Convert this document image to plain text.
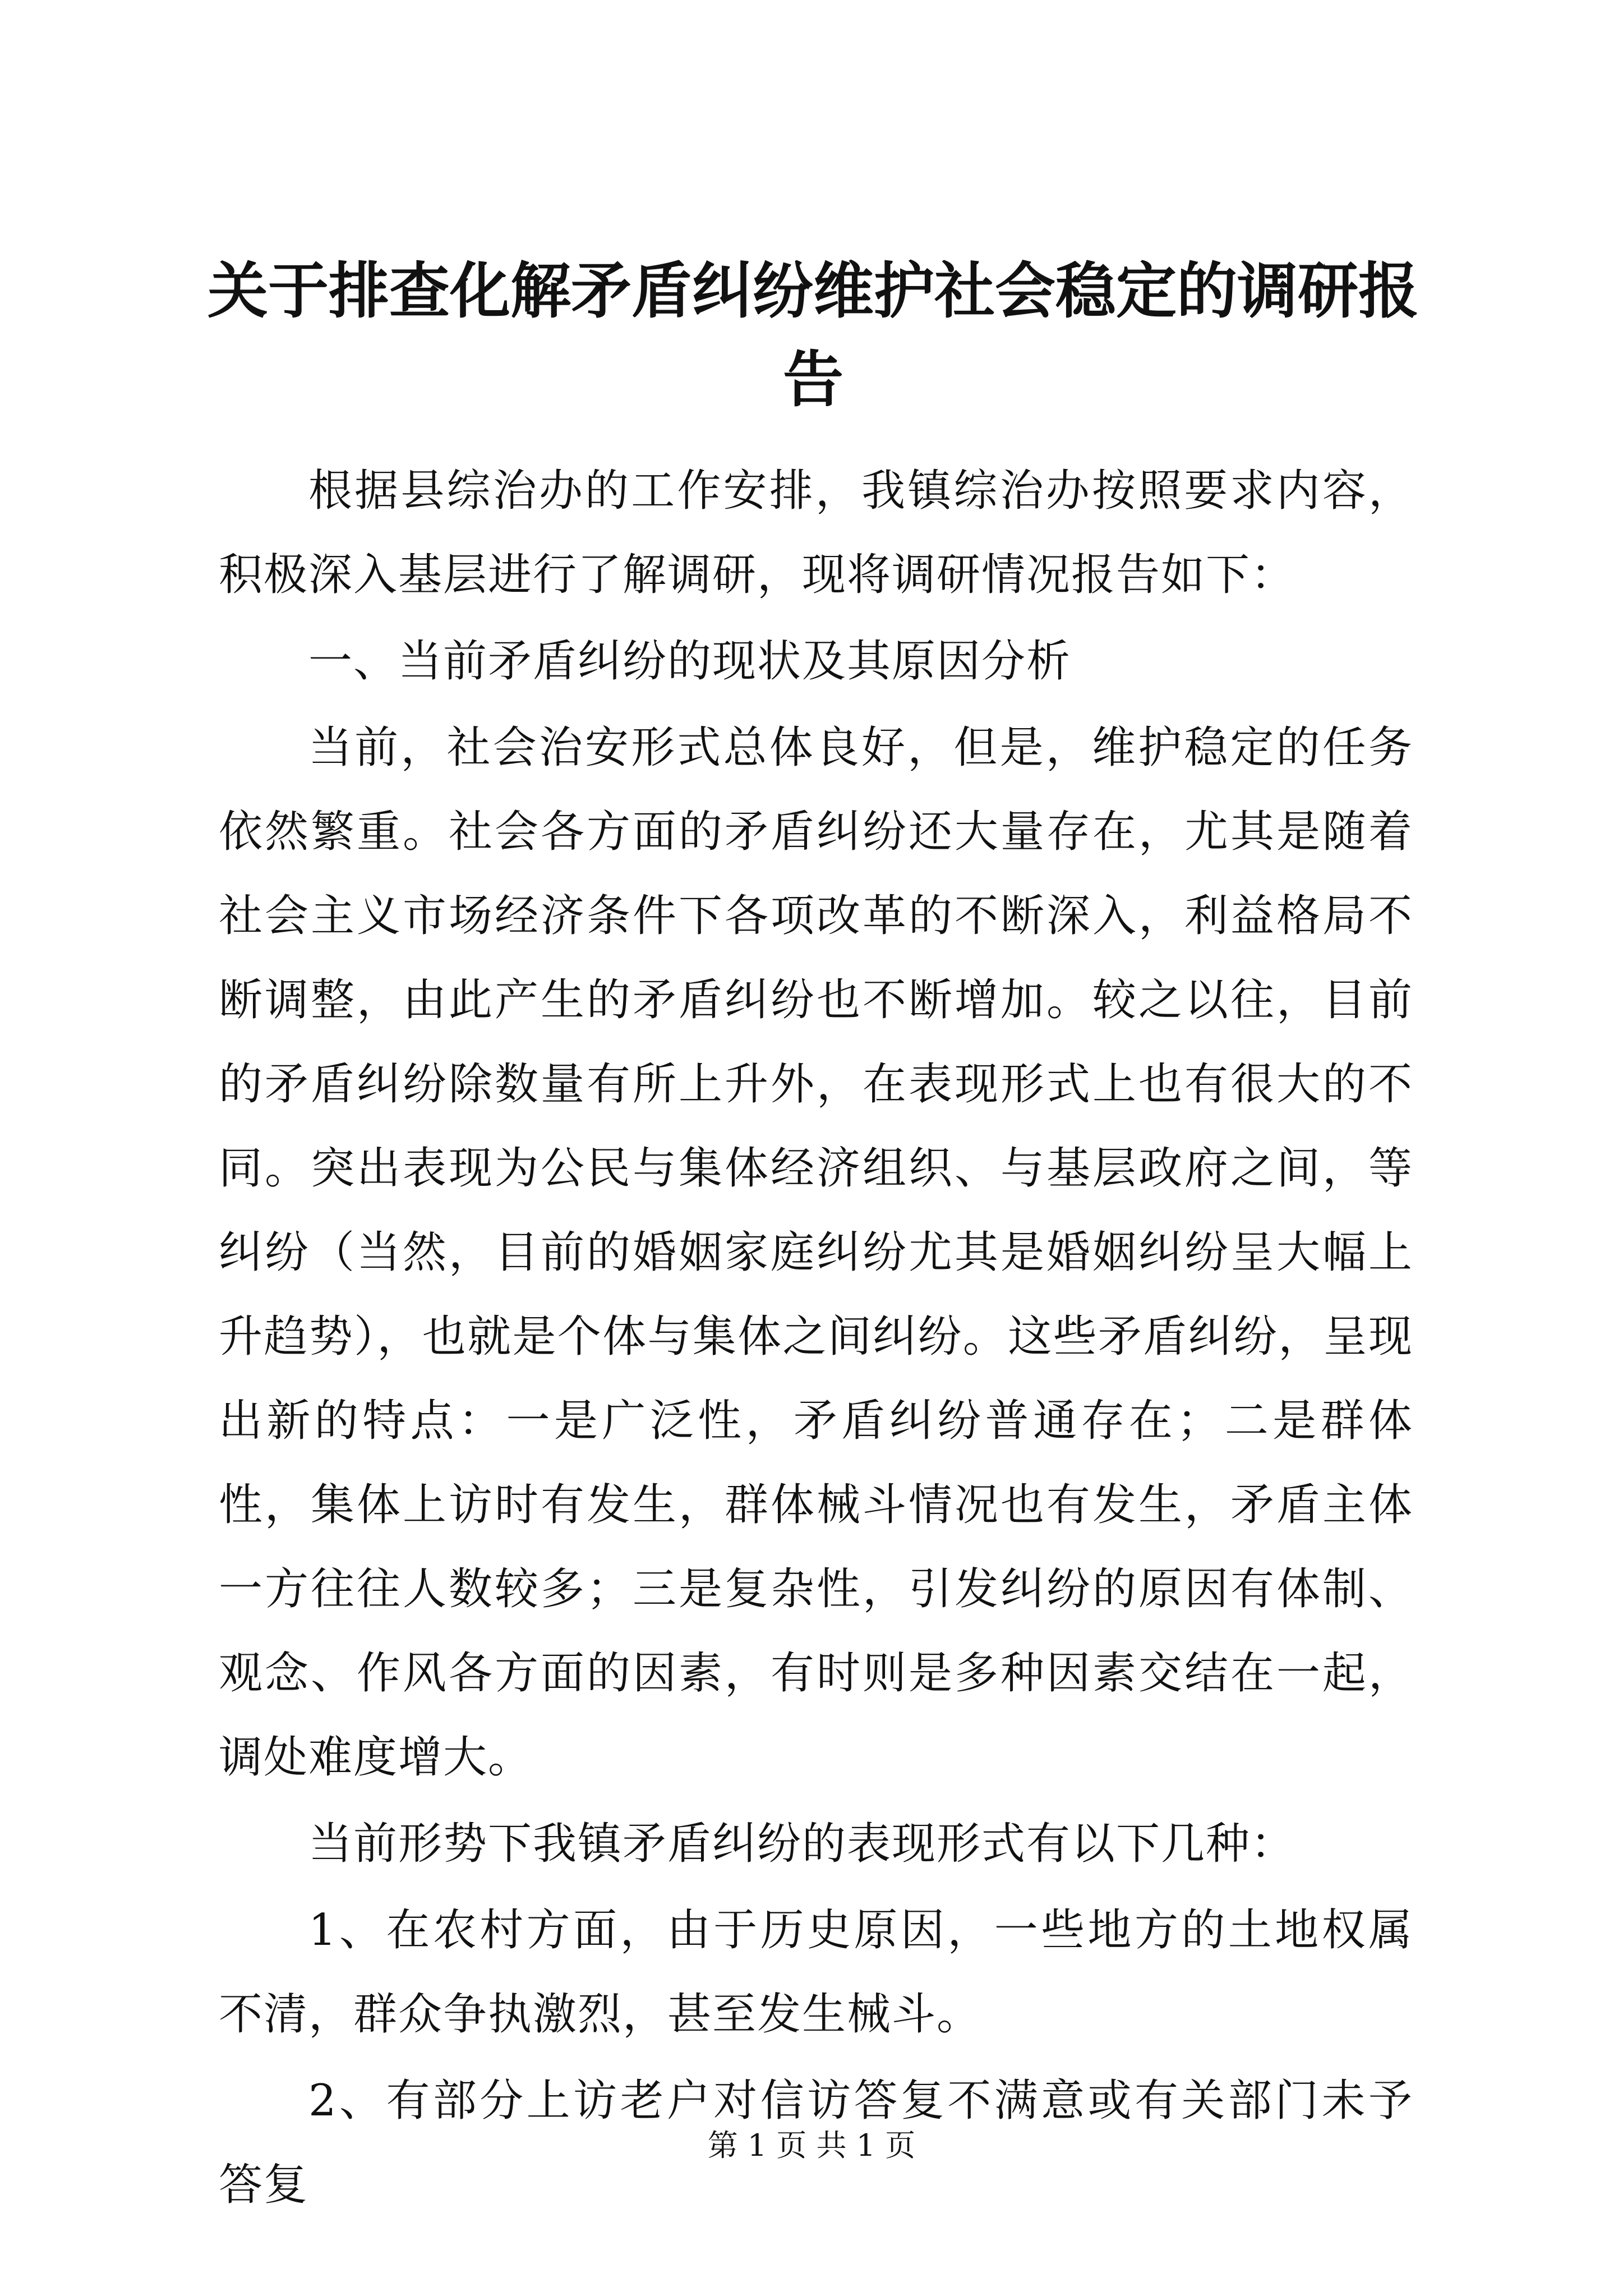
关于排查化解矛盾纠纷维护社会稳定的调研报告

根据县综治办的工作安排，我镇综治办按照要求内容，积极深入基层进行了解调研，现将调研情况报告如下：

一、当前矛盾纠纷的现状及其原因分析

当前，社会治安形式总体良好，但是，维护稳定的任务依然繁重。社会各方面的矛盾纠纷还大量存在，尤其是随着社会主义市场经济条件下各项改革的不断深入，利益格局不断调整，由此产生的矛盾纠纷也不断增加。较之以往，目前的矛盾纠纷除数量有所上升外，在表现形式上也有很大的不同。突出表现为公民与集体经济组织、与基层政府之间，等纠纷（当然，目前的婚姻家庭纠纷尤其是婚姻纠纷呈大幅上升趋势），也就是个体与集体之间纠纷。这些矛盾纠纷，呈现出新的特点：一是广泛性，矛盾纠纷普通存在；二是群体性，集体上访时有发生，群体械斗情况也有发生，矛盾主体一方往往人数较多；三是复杂性，引发纠纷的原因有体制、观念、作风各方面的因素，有时则是多种因素交结在一起，调处难度增大。

当前形势下我镇矛盾纠纷的表现形式有以下几种：

1、在农村方面，由于历史原因，一些地方的土地权属不清，群众争执激烈，甚至发生械斗。

2、有部分上访老户对信访答复不满意或有关部门未予答复

第 1 页 共 1 页
